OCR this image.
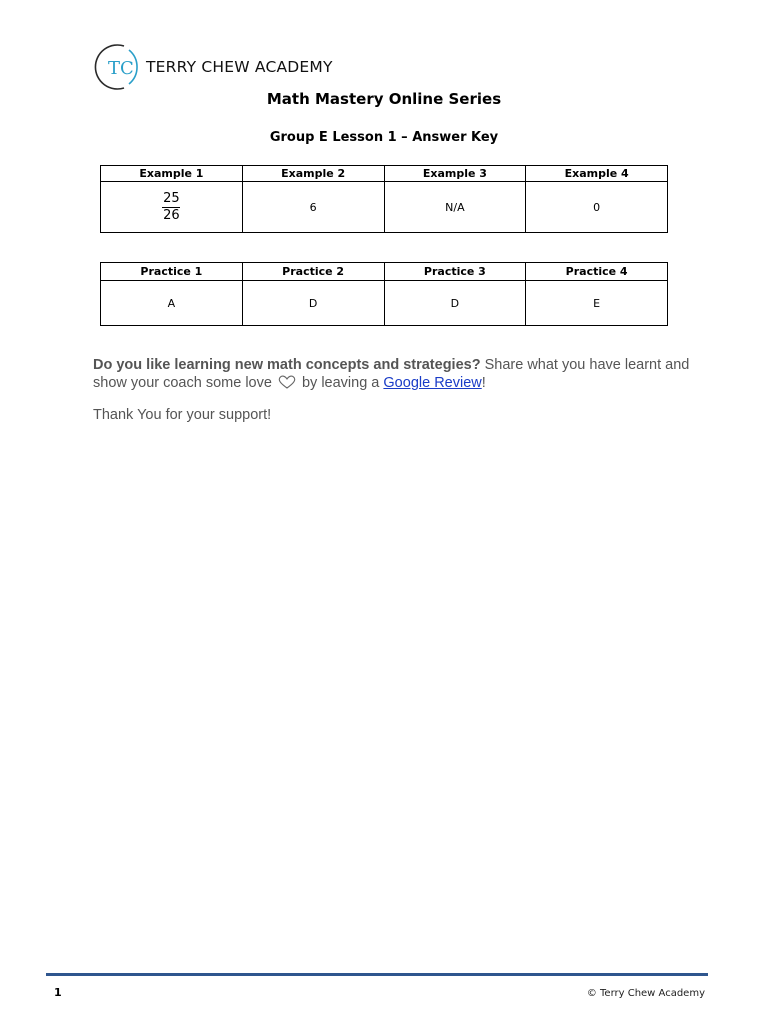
TC TERRY CHEW ACADEMY
Math Mastery Online Series
Group E Lesson 1 – Answer Key
Example 1	Example 2	Example 3	Example 4

$\frac{25}{26}$	6	N/A	0
Practice 1	Practice 2	Practice 3	Practice 4
A	D	D	E
Do you like learning new math concepts and strategies? Share what you have learnt and show your coach some love by leaving a Google Review!
Thank You for your support!
1	© Terry Chew Academy
